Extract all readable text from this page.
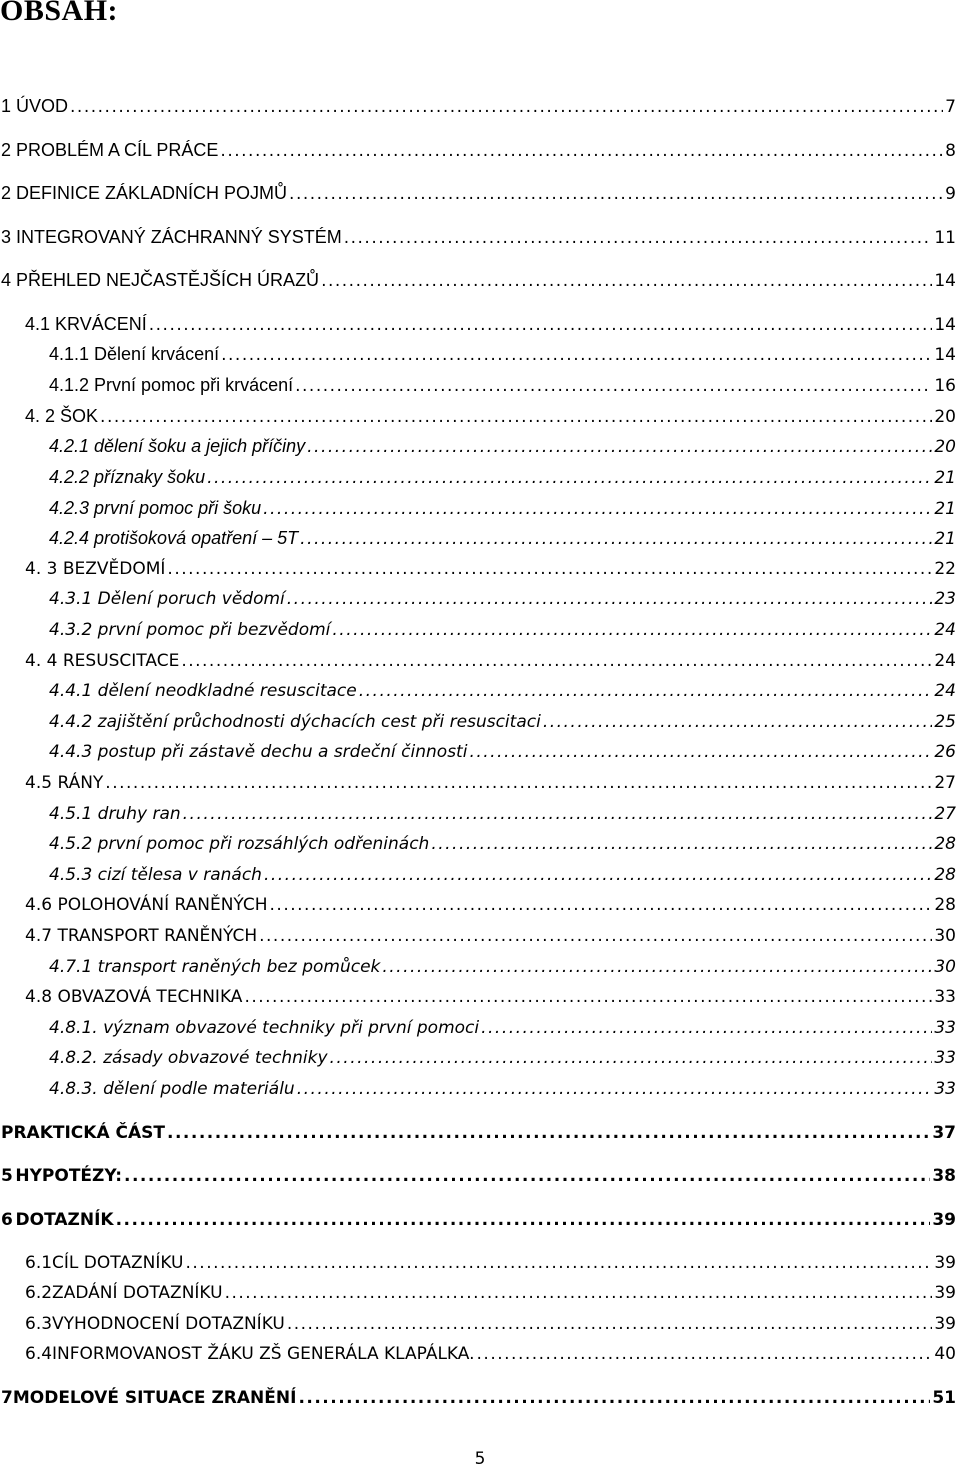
OBSAH:
1 ÚVOD .....	7
2 PROBLÉM A CÍL PRÁCE .....	8
2 DEFINICE ZÁKLADNÍCH POJMŮ .....	9
3 INTEGROVANÝ ZÁCHRANNÝ SYSTÉM .....	11
4 PŘEHLED NEJČASTĚJŠÍCH ÚRAZŮ .....	14
4.1 KRVÁCENÍ .....	14
4.1.1 Dělení krvácení .....	14
4.1.2 První pomoc při krvácení .....	16
4. 2 ŠOK .....	20
4.2.1 dělení šoku a jejich příčiny .....	20
4.2.2 příznaky šoku .....	21
4.2.3 první pomoc při šoku .....	21
4.2.4 protišoková opatření – 5T .....	21
4. 3 BEZVĚDOMÍ .....	22
4.3.1 Dělení poruch vědomí .....	23
4.3.2 první pomoc při bezvědomí .....	24
4. 4 RESUSCITACE .....	24
4.4.1 dělení neodkladné resuscitace .....	24
4.4.2 zajištění průchodnosti dýchacích cest při resuscitaci .....	25
4.4.3 postup při zástavě dechu a srdeční činnosti .....	26
4.5 RÁNY .....	27
4.5.1 druhy ran .....	27
4.5.2 první pomoc při rozsáhlých odřeninách .....	28
4.5.3 cizí tělesa v ranách .....	28
4.6 POLOHOVÁNÍ RANĚNÝCH .....	28
4.7 TRANSPORT RANĚNÝCH .....	30
4.7.1 transport raněných bez pomůcek .....	30
4.8 OBVAZOVÁ TECHNIKA .....	33
4.8.1. význam obvazové techniky při první pomoci .....	33
4.8.2. zásady obvazové techniky .....	33
4.8.3. dělení podle materiálu .....	33
PRAKTICKÁ ČÁST .....	37
5 HYPOTÉZY: .....	38
6 DOTAZNÍK .....	39
6.1 CÍL DOTAZNÍKU .....	39
6.2 ZADÁNÍ DOTAZNÍKU .....	39
6.3 VYHODNOCENÍ DOTAZNÍKU .....	39
6.4 INFORMOVANOST ŽÁKU ZŠ GENERÁLA KLAPÁLKA. .....	40
7 MODELOVÉ SITUACE ZRANĚNÍ .....	51
5
